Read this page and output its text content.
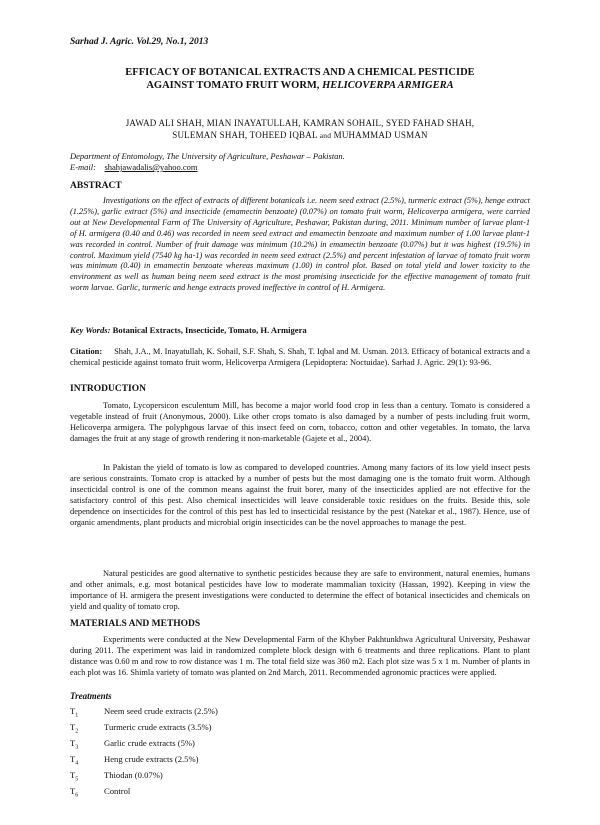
Sarhad J. Agric. Vol.29, No.1, 2013
EFFICACY OF BOTANICAL EXTRACTS AND A CHEMICAL PESTICIDE
AGAINST TOMATO FRUIT WORM, HELICOVERPA ARMIGERA
JAWAD ALI SHAH, MIAN INAYATULLAH, KAMRAN SOHAIL, SYED FAHAD SHAH,
SULEMAN SHAH, TOHEED IQBAL and MUHAMMAD USMAN
Department of Entomology, The University of Agriculture, Peshawar – Pakistan.
E-mail: shahjawadalis@yahoo.com
ABSTRACT
Investigations on the effect of extracts of different botanicals i.e. neem seed extract (2.5%), turmeric extract (5%), henge extract (1.25%), garlic extract (5%) and insecticide (emamectin benzoate) (0.07%) on tomato fruit worm, Helicoverpa armigera, were carried out at New Developmental Farm of The University of Agriculture, Peshawar, Pakistan during, 2011. Minimum number of larvae plant-1 of H. armigera (0.40 and 0.46) was recorded in neem seed extract and emamectin benzoate and maximum number of 1.00 larvae plant-1 was recorded in control. Number of fruit damage was minimum (10.2%) in emamectin benzoate (0.07%) but it was highest (19.5%) in control. Maximum yield (7540 kg ha-1) was recorded in neem seed extract (2.5%) and percent infestation of larvae of tomato fruit worm was minimum (0.40) in emamectin benzoate whereas maximum (1.00) in control plot. Based on total yield and lower toxicity to the environment as well as human being neem seed extract is the most promising insecticide for the effective management of tomato fruit worm larvae. Garlic, turmeric and henge extracts proved ineffective in control of H. Armigera.
Key Words: Botanical Extracts, Insecticide, Tomato, H. Armigera
Citation: Shah, J.A., M. Inayatullah, K. Sohail, S.F. Shah, S. Shah, T. Iqbal and M. Usman. 2013. Efficacy of botanical extracts and a chemical pesticide against tomato fruit worm, Helicoverpa Armigera (Lepidoptera: Noctuidae). Sarhad J. Agric. 29(1): 93-96.
INTRODUCTION
Tomato, Lycopersicon esculentum Mill, has become a major world food crop in less than a century. Tomato is considered a vegetable instead of fruit (Anonymous, 2000). Like other crops tomato is also damaged by a number of pests including fruit worm, Helicoverpa armigera. The polyphgous larvae of this insect feed on corn, tobacco, cotton and other vegetables. In tomato, the larva damages the fruit at any stage of growth rendering it non-marketable (Gajete et al., 2004).
In Pakistan the yield of tomato is low as compared to developed countries. Among many factors of its low yield insect pests are serious constraints. Tomato crop is attacked by a number of pests but the most damaging one is the tomato fruit worm. Although insecticidal control is one of the common means against the fruit borer, many of the insecticides applied are not effective for the satisfactory control of this pest. Also chemical insecticides will leave considerable toxic residues on the fruits. Beside this, sole dependence on insecticides for the control of this pest has led to insecticidal resistance by the pest (Natekar et al., 1987). Hence, use of organic amendments, plant products and microbial origin insecticides can be the novel approaches to manage the pest.
Natural pesticides are good alternative to synthetic pesticides because they are safe to environment, natural enemies, humans and other animals, e.g. most botanical pesticides have low to moderate mammalian toxicity (Hassan, 1992). Keeping in view the importance of H. armigera the present investigations were conducted to determine the effect of botanical insecticides and chemicals on yield and quality of tomato crop.
MATERIALS AND METHODS
Experiments were conducted at the New Developmental Farm of the Khyber Pakhtunkhwa Agricultural University, Peshawar during 2011. The experiment was laid in randomized complete block design with 6 treatments and three replications. Plant to plant distance was 0.60 m and row to row distance was 1 m. The total field size was 360 m2. Each plot size was 5 x 1 m. Number of plants in each plot was 16. Shimla variety of tomato was planted on 2nd March, 2011. Recommended agronomic practices were applied.
Treatments
$T_1$	Neem seed crude extracts (2.5%)
$T_2$	Turmeric crude extracts (3.5%)
$T_3$	Garlic crude extracts (5%)
$T_4$	Heng crude extracts (2.5%)
$T_5$	Thiodan (0.07%)
$T_6$	Control
